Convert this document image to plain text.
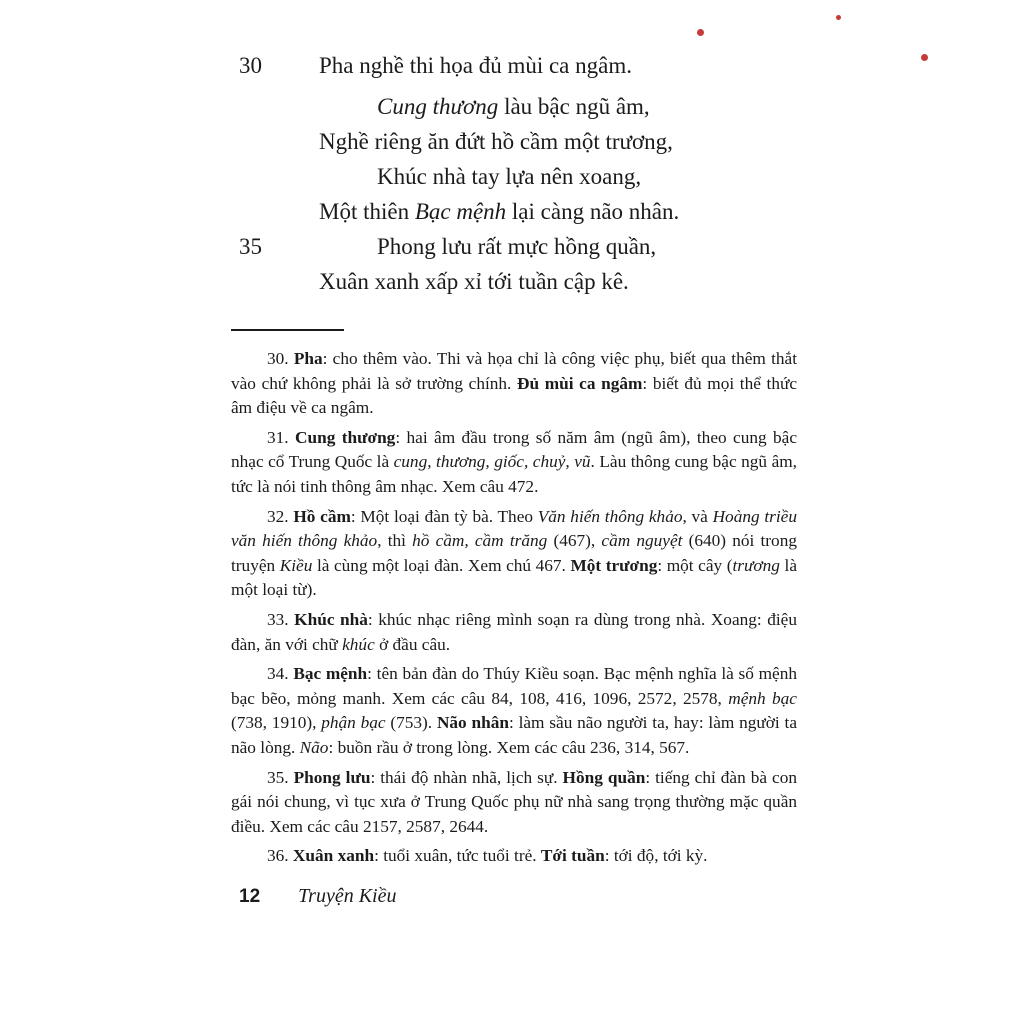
30 Pha nghề thi họa đủ mùi ca ngâm.
Cung thương làu bậc ngũ âm,
Nghề riêng ăn đứt hồ cầm một trương,
Khúc nhà tay lựa nên xoang,
Một thiên Bạc mệnh lại càng não nhân.
35	Phong lưu rất mực hồng quần,
Xuân xanh xấp xỉ tới tuần cập kê.

30. Pha: cho thêm vào. Thi và họa chỉ là công việc phụ, biết qua thêm thắt vào chứ không phải là sở trường chính. Đủ mùi ca ngâm: biết đủ mọi thể thức âm điệu về ca ngâm.

31. Cung thương: hai âm đầu trong số năm âm (ngũ âm), theo cung bậc nhạc cổ Trung Quốc là cung, thương, giốc, chuỷ, vũ. Làu thông cung bậc ngũ âm, tức là nói tinh thông âm nhạc. Xem câu 472.

32. Hồ cầm: Một loại đàn tỳ bà. Theo Văn hiến thông khảo, và Hoàng triều văn hiến thông khảo, thì hồ cầm, cầm trăng (467), cầm nguyệt (640) nói trong truyện Kiều là cùng một loại đàn. Xem chú 467. Một trương: một cây (trương là một loại từ).

33. Khúc nhà: khúc nhạc riêng mình soạn ra dùng trong nhà. Xoang: điệu đàn, ăn với chữ khúc ở đầu câu.

34. Bạc mệnh: tên bản đàn do Thúy Kiều soạn. Bạc mệnh nghĩa là số mệnh bạc bẽo, mỏng manh. Xem các câu 84, 108, 416, 1096, 2572, 2578, mệnh bạc (738, 1910), phận bạc (753). Não nhân: làm sầu não người ta, hay: làm người ta não lòng. Não: buồn rầu ở trong lòng. Xem các câu 236, 314, 567.

35. Phong lưu: thái độ nhàn nhã, lịch sự. Hồng quần: tiếng chỉ đàn bà con gái nói chung, vì tục xưa ở Trung Quốc phụ nữ nhà sang trọng thường mặc quần điều. Xem các câu 2157, 2587, 2644.

36. Xuân xanh: tuổi xuân, tức tuổi trẻ. Tới tuần: tới độ, tới kỳ.

12 Truyện Kiều
